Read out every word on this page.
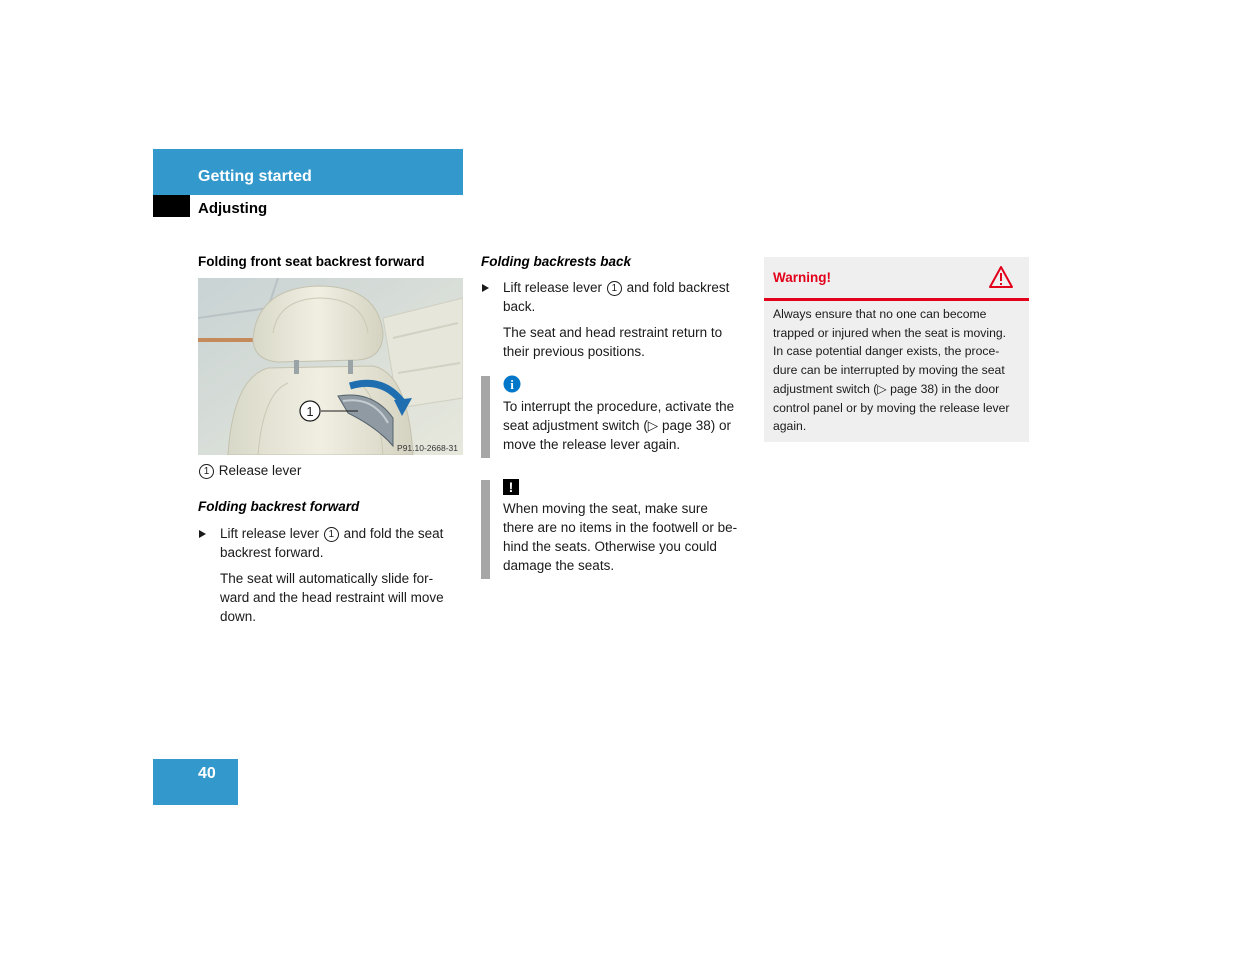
Getting started
Adjusting
Folding front seat backrest forward
1
P91.10-2668-31
1 Release lever
Folding backrest forward
Lift release lever 1 and fold the seat
backrest forward.
The seat will automatically slide for-
ward and the head restraint will move
down.
Folding backrests back
Lift release lever 1 and fold backrest
back.
The seat and head restraint return to
their previous positions.
i
To interrupt the procedure, activate the
seat adjustment switch (▷ page 38) or
move the release lever again.
!
When moving the seat, make sure
there are no items in the footwell or be-
hind the seats. Otherwise you could
damage the seats.
Warning!
Always ensure that no one can become
trapped or injured when the seat is moving.
In case potential danger exists, the proce-
dure can be interrupted by moving the seat
adjustment switch (▷ page 38) in the door
control panel or by moving the release lever
again.
40
